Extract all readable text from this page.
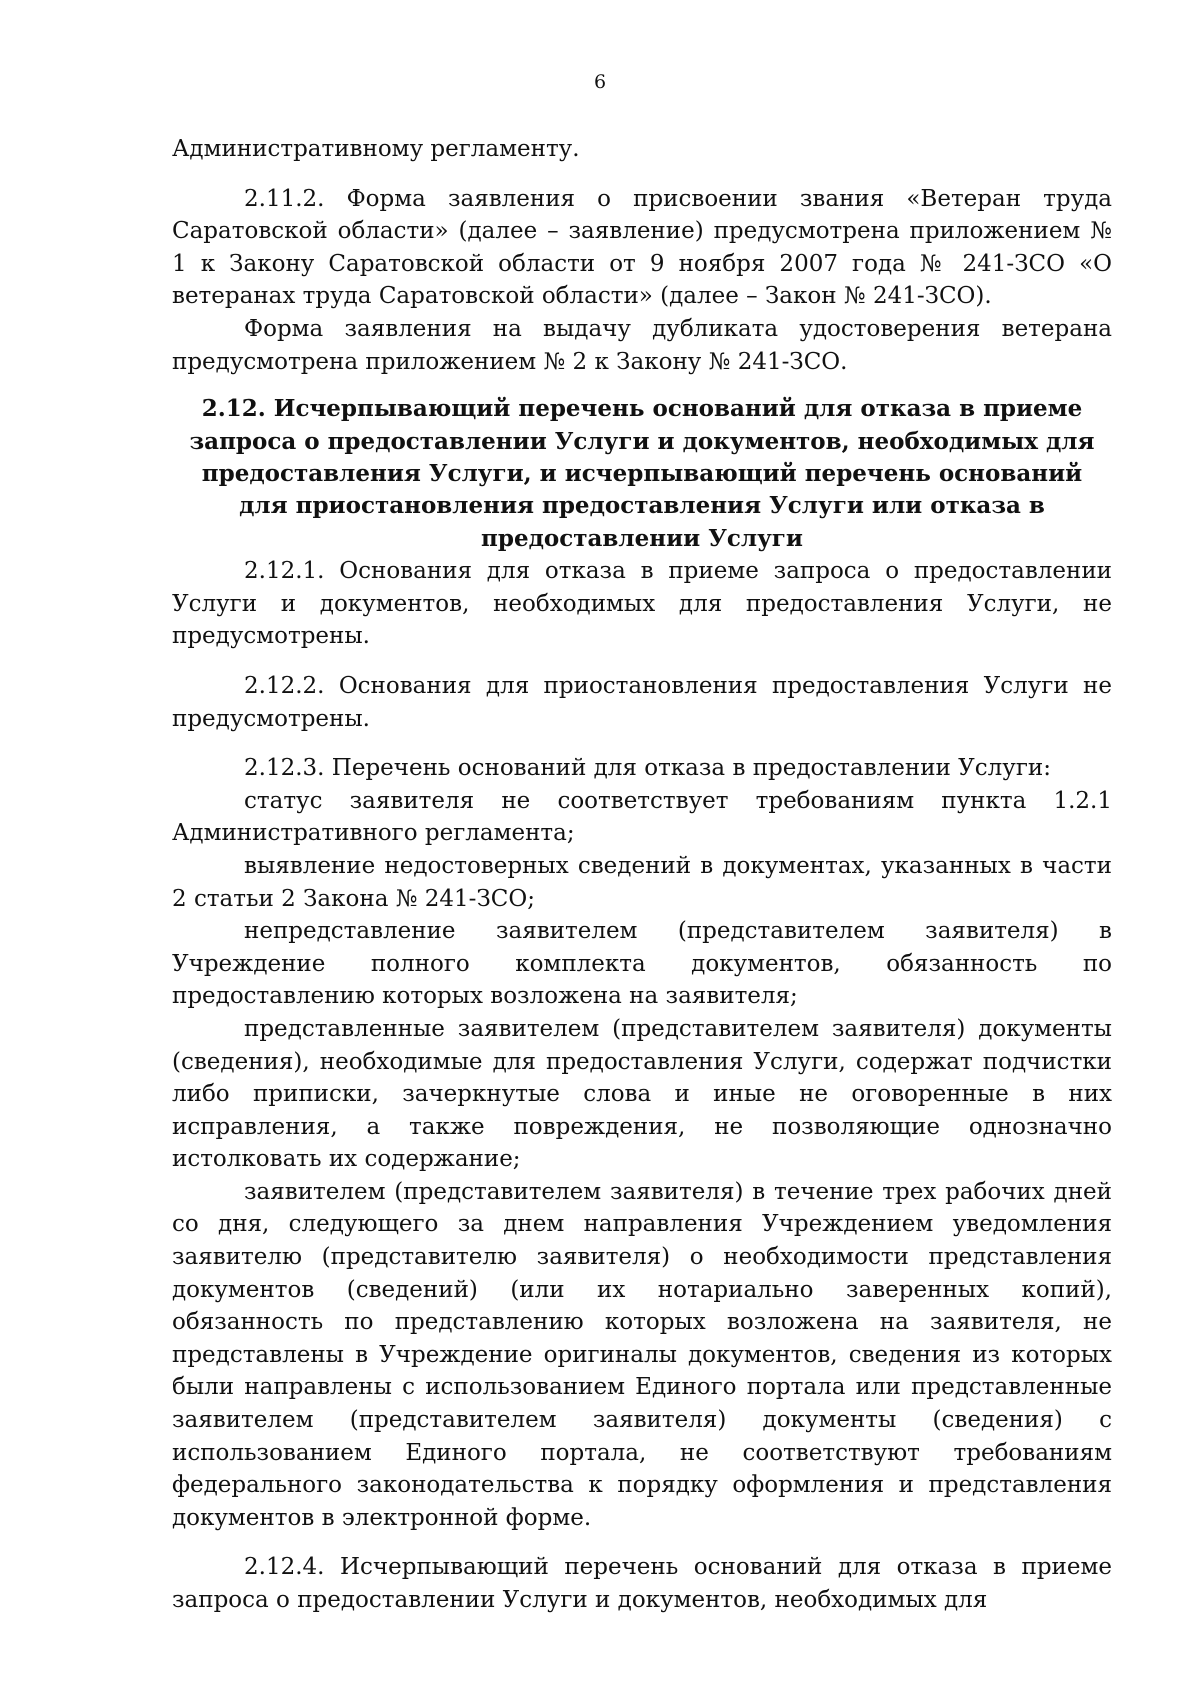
6

Административному регламенту.

2.11.2. Форма заявления о присвоении звания «Ветеран труда Саратовской области» (далее – заявление) предусмотрена приложением № 1 к Закону Саратовской области от 9 ноября 2007 года № 241-ЗСО «О ветеранах труда Саратовской области» (далее – Закон № 241-ЗСО).

Форма заявления на выдачу дубликата удостоверения ветерана предусмотрена приложением № 2 к Закону № 241-ЗСО.

2.12. Исчерпывающий перечень оснований для отказа в приеме запроса о предоставлении Услуги и документов, необходимых для предоставления Услуги, и исчерпывающий перечень оснований для приостановления предоставления Услуги или отказа в предоставлении Услуги

2.12.1. Основания для отказа в приеме запроса о предоставлении Услуги и документов, необходимых для предоставления Услуги, не предусмотрены.

2.12.2. Основания для приостановления предоставления Услуги не предусмотрены.

2.12.3. Перечень оснований для отказа в предоставлении Услуги:

статус заявителя не соответствует требованиям пункта 1.2.1 Административного регламента;

выявление недостоверных сведений в документах, указанных в части 2 статьи 2 Закона № 241-ЗСО;

непредставление заявителем (представителем заявителя) в Учреждение полного комплекта документов, обязанность по предоставлению которых возложена на заявителя;

представленные заявителем (представителем заявителя) документы (сведения), необходимые для предоставления Услуги, содержат подчистки либо приписки, зачеркнутые слова и иные не оговоренные в них исправления, а также повреждения, не позволяющие однозначно истолковать их содержание;

заявителем (представителем заявителя) в течение трех рабочих дней со дня, следующего за днем направления Учреждением уведомления заявителю (представителю заявителя) о необходимости представления документов (сведений) (или их нотариально заверенных копий), обязанность по представлению которых возложена на заявителя, не представлены в Учреждение оригиналы документов, сведения из которых были направлены с использованием Единого портала или представленные заявителем (представителем заявителя) документы (сведения) с использованием Единого портала, не соответствуют требованиям федерального законодательства к порядку оформления и представления документов в электронной форме.

2.12.4. Исчерпывающий перечень оснований для отказа в приеме запроса о предоставлении Услуги и документов, необходимых для
